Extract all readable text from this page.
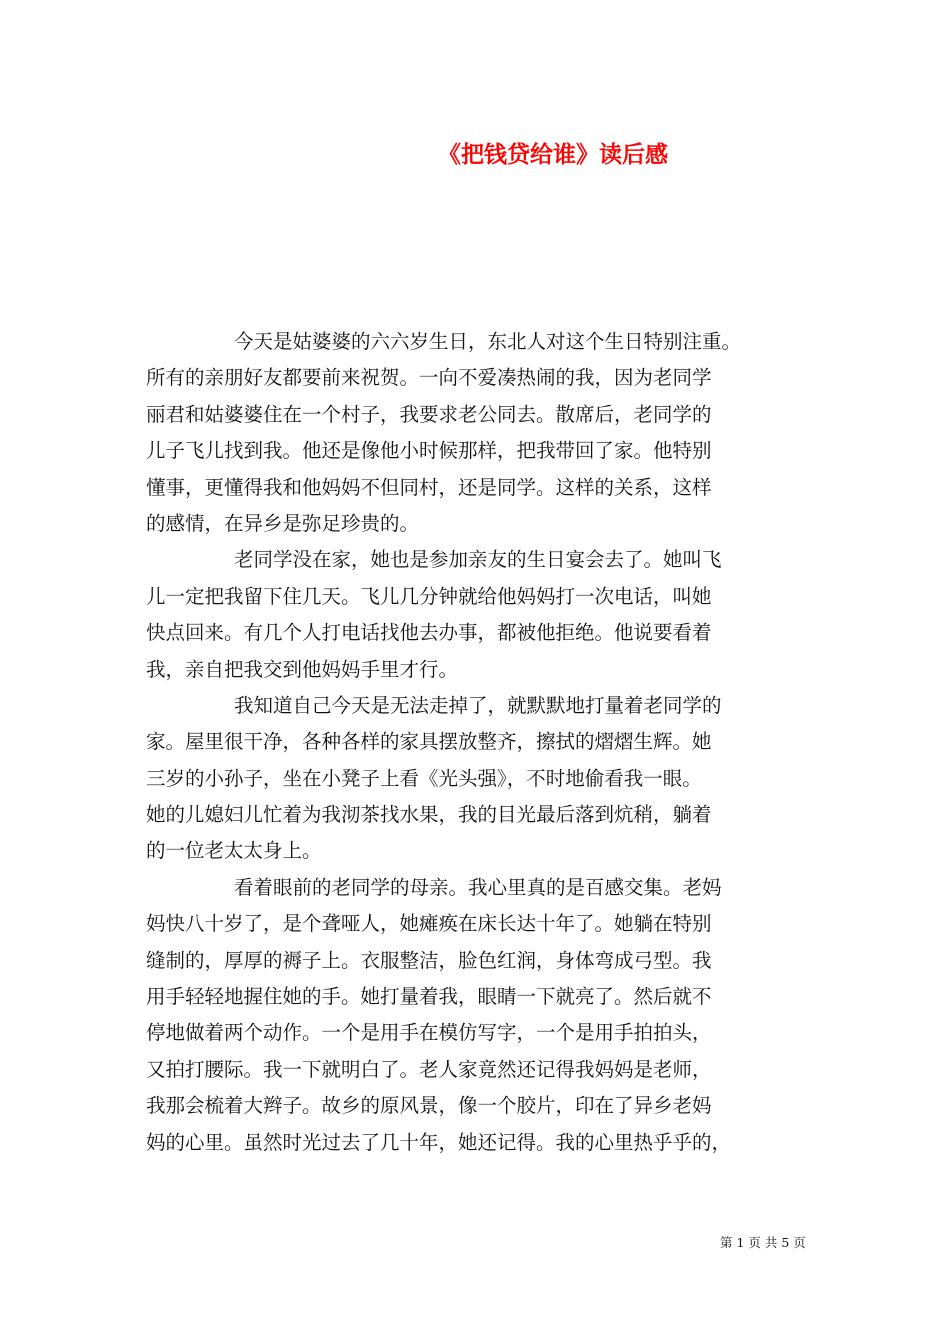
《把钱贷给谁》读后感
今天是姑婆婆的六六岁生日，东北人对这个生日特别注重。
所有的亲朋好友都要前来祝贺。一向不爱凑热闹的我，因为老同学
丽君和姑婆婆住在一个村子，我要求老公同去。散席后，老同学的
儿子飞儿找到我。他还是像他小时候那样，把我带回了家。他特别
懂事，更懂得我和他妈妈不但同村，还是同学。这样的关系，这样
的感情，在异乡是弥足珍贵的。
老同学没在家，她也是参加亲友的生日宴会去了。她叫飞
儿一定把我留下住几天。飞儿几分钟就给他妈妈打一次电话，叫她
快点回来。有几个人打电话找他去办事，都被他拒绝。他说要看着
我，亲自把我交到他妈妈手里才行。
我知道自己今天是无法走掉了，就默默地打量着老同学的
家。屋里很干净，各种各样的家具摆放整齐，擦拭的熠熠生辉。她
三岁的小孙子，坐在小凳子上看《光头强》，不时地偷看我一眼。
她的儿媳妇儿忙着为我沏茶找水果，我的目光最后落到炕稍，躺着
的一位老太太身上。
看着眼前的老同学的母亲。我心里真的是百感交集。老妈
妈快八十岁了，是个聋哑人，她瘫痪在床长达十年了。她躺在特别
缝制的，厚厚的褥子上。衣服整洁，脸色红润，身体弯成弓型。我
用手轻轻地握住她的手。她打量着我，眼睛一下就亮了。然后就不
停地做着两个动作。一个是用手在模仿写字，一个是用手拍拍头，
又拍打腰际。我一下就明白了。老人家竟然还记得我妈妈是老师，
我那会梳着大辫子。故乡的原风景，像一个胶片，印在了异乡老妈
妈的心里。虽然时光过去了几十年，她还记得。我的心里热乎乎的，
第 1 页 共 5 页
